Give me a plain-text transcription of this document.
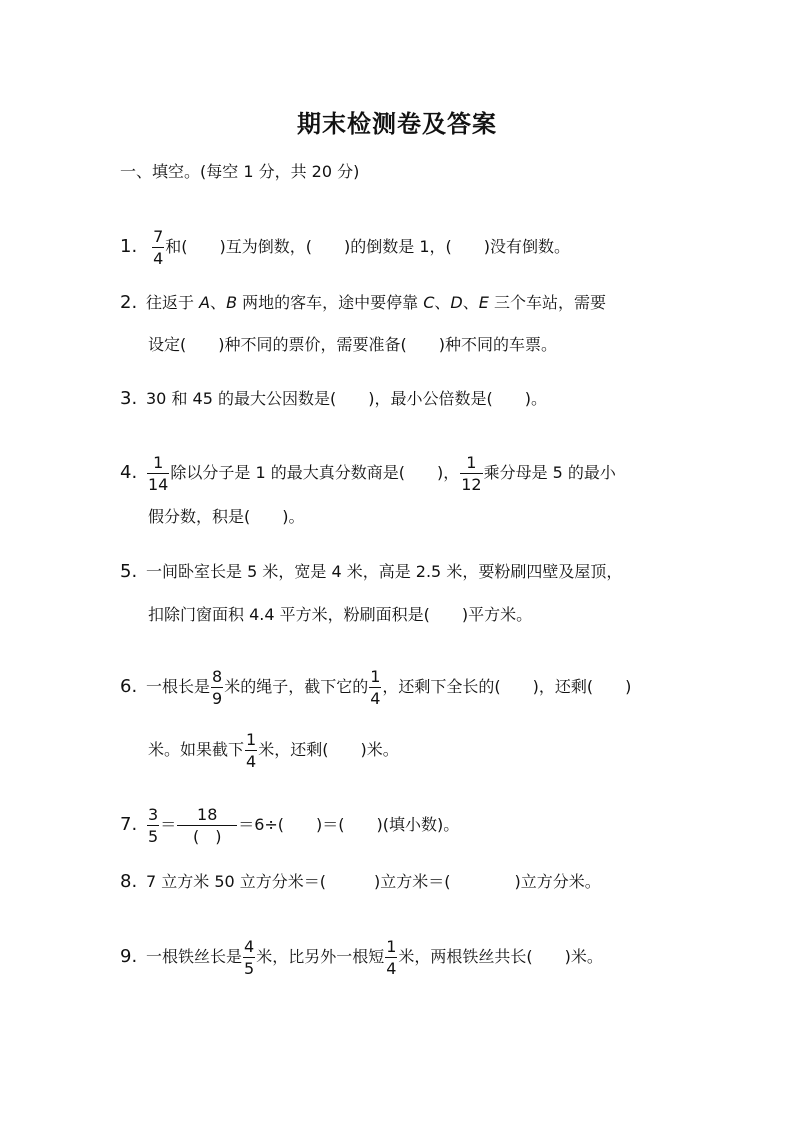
期末检测卷及答案
一、填空。(每空 1 分，共 20 分)
1. $\frac{7}{4}$ 和(　　)互为倒数，(　　)的倒数是 1，(　　)没有倒数。
2. 往返于 A、B 两地的客车，途中要停靠 C、D、E 三个车站，需要
设定(　　)种不同的票价，需要准备(　　)种不同的车票。
3. 30 和 45 的最大公因数是(　　)，最小公倍数是(　　)。
4. $\frac{1}{14}$ 除以分子是 1 的最大真分数商是(　　)， $\frac{1}{12}$ 乘分母是 5 的最小
假分数，积是(　　)。
5. 一间卧室长是 5 米，宽是 4 米，高是 2.5 米，要粉刷四壁及屋顶，
扣除门窗面积 4.4 平方米，粉刷面积是(　　)平方米。
6. 一根长是 $\frac{8}{9}$ 米的绳子，截下它的 $\frac{1}{4}$ ，还剩下全长的(　　)，还剩(　　)
米。如果截下 $\frac{1}{4}$ 米，还剩(　　)米。
7. $\frac{3}{5} = \frac{18}{( )} =6\div$(　　)＝(　　)(填小数)。
8. 7 立方米 50 立方分米＝(　　　)立方米＝(　　　　)立方分米。
9. 一根铁丝长是 $\frac{4}{5}$ 米，比另外一根短 $\frac{1}{4}$ 米，两根铁丝共长(　　)米。
